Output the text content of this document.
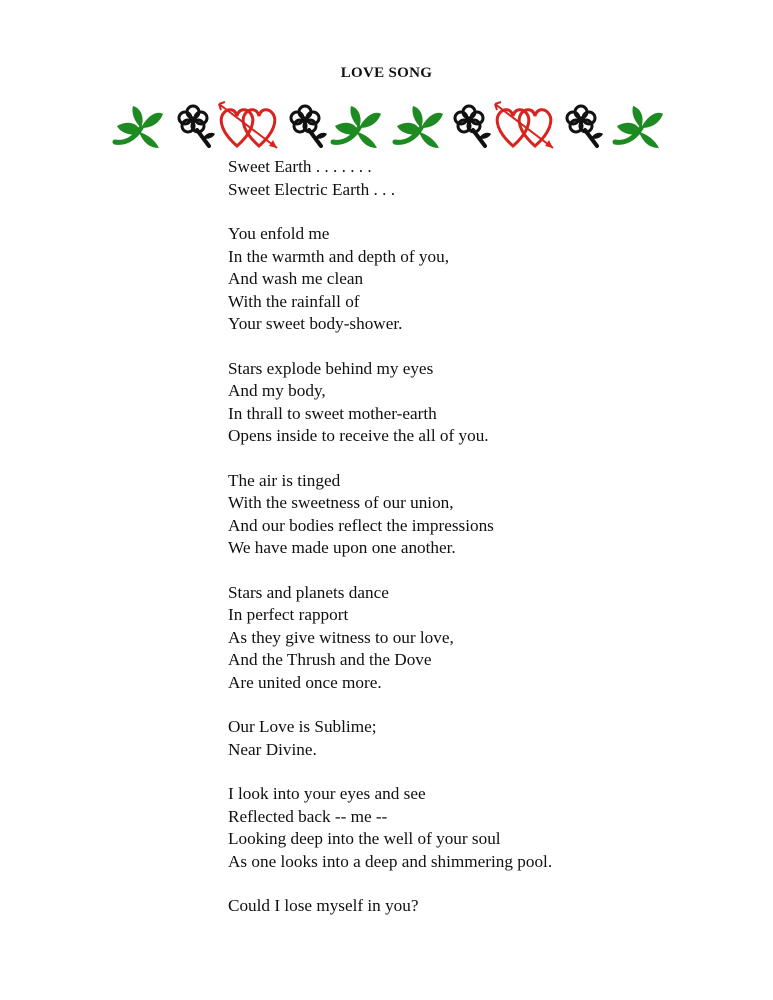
LOVE SONG
Sweet Earth . . . . . . .
Sweet Electric Earth . . .
You enfold me
In the warmth and depth of you,
And wash me clean
With the rainfall of
Your sweet body-shower.
Stars explode behind my eyes
And my body,
In thrall to sweet mother-earth
Opens inside to receive the all of you.
The air is tinged
With the sweetness of our union,
And our bodies reflect the impressions
We have made upon one another.
Stars and planets dance
In perfect rapport
As they give witness to our love,
And the Thrush and the Dove
Are united once more.
Our Love is Sublime;
Near Divine.
I look into your eyes and see
Reflected back -- me --
Looking deep into the well of your soul
As one looks into a deep and shimmering pool.
Could I lose myself in you?
